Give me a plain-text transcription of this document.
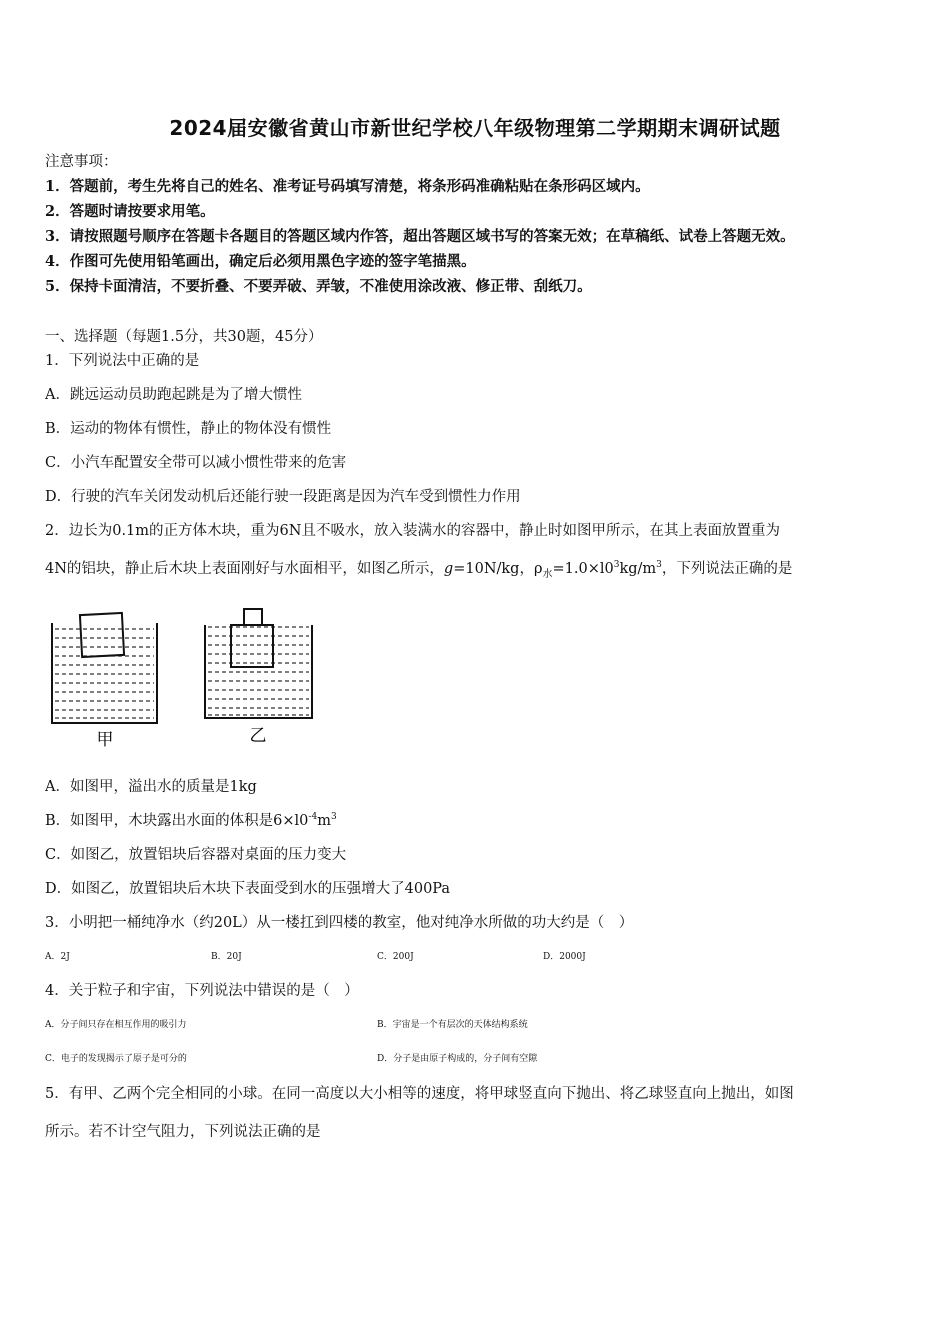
2024届安徽省黄山市新世纪学校八年级物理第二学期期末调研试题
注意事项：
1．答题前，考生先将自己的姓名、准考证号码填写清楚，将条形码准确粘贴在条形码区域内。
2．答题时请按要求用笔。
3．请按照题号顺序在答题卡各题目的答题区域内作答，超出答题区域书写的答案无效；在草稿纸、试卷上答题无效。
4．作图可先使用铅笔画出，确定后必须用黑色字迹的签字笔描黑。
5．保持卡面清洁，不要折叠、不要弄破、弄皱，不准使用涂改液、修正带、刮纸刀。
一、选择题（每题1.5分，共30题，45分）
1．下列说法中正确的是
A．跳远运动员助跑起跳是为了增大惯性
B．运动的物体有惯性，静止的物体没有惯性
C．小汽车配置安全带可以减小惯性带来的危害
D．行驶的汽车关闭发动机后还能行驶一段距离是因为汽车受到惯性力作用
2．边长为0.1m的正方体木块，重为6N且不吸水，放入装满水的容器中，静止时如图甲所示，在其上表面放置重为
4N的铝块，静止后木块上表面刚好与水面相平，如图乙所示，g=10N/kg，$\rho_水=1.0\times l0^3kg/m^3$，下列说法正确的是
甲	乙
A．如图甲，溢出水的质量是1kg
B．如图甲，木块露出水面的体积是$6\times l0^{-4}m^3$
C．如图乙，放置铝块后容器对桌面的压力变大
D．如图乙，放置铝块后木块下表面受到水的压强增大了400Pa
3．小明把一桶纯净水（约20L）从一楼扛到四楼的教室，他对纯净水所做的功大约是（　）
A．2J	B．20J	C．200J	D．2000J
4．关于粒子和宇宙，下列说法中错误的是（　）
A．分子间只存在相互作用的吸引力	B．宇宙是一个有层次的天体结构系统
C．电子的发现揭示了原子是可分的	D．分子是由原子构成的，分子间有空隙
5．有甲、乙两个完全相同的小球。在同一高度以大小相等的速度，将甲球竖直向下抛出、将乙球竖直向上抛出，如图
所示。若不计空气阻力，下列说法正确的是
